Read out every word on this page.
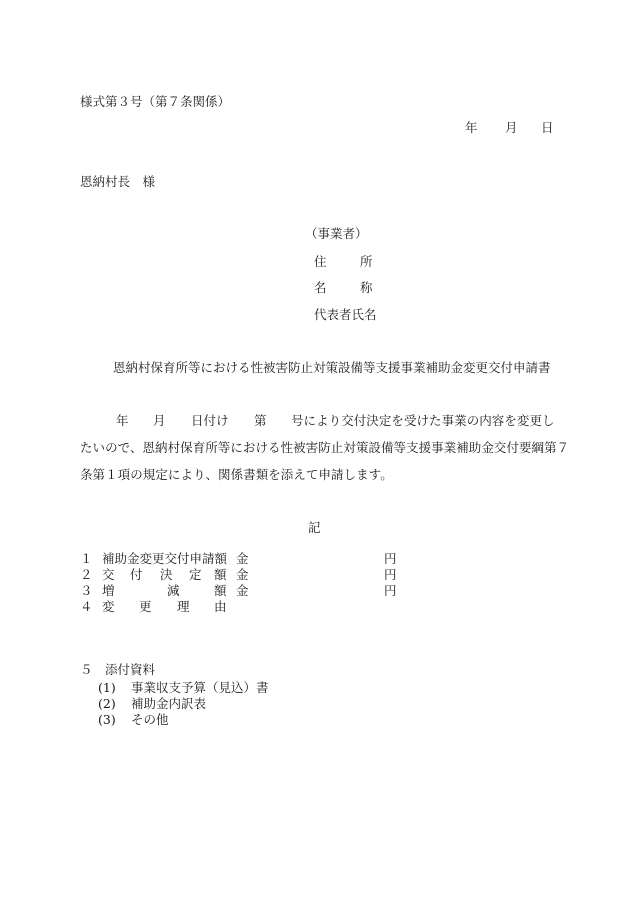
様式第３号（第７条関係）
年 月 日
恩納村長　様
（事業者）
住	所
名	称
代表者氏名
恩納村保育所等における性被害防止対策設備等支援事業補助金変更交付申請書
年 月 日付け 第 号により交付決定を受けた事業の内容を変更し
たいので、恩納村保育所等における性被害防止対策設備等支援事業補助金交付要綱第７
条第１項の規定により、関係書類を添えて申請します。
記
１ 補助金変更交付申請額 金	円
２ 交 付 決 定 額 金	円
３ 増	減	額 金	円
４ 変 更 理 由
５　添付資料
(1) 事業収支予算（見込）書
(2) 補助金内訳表
(3) その他
